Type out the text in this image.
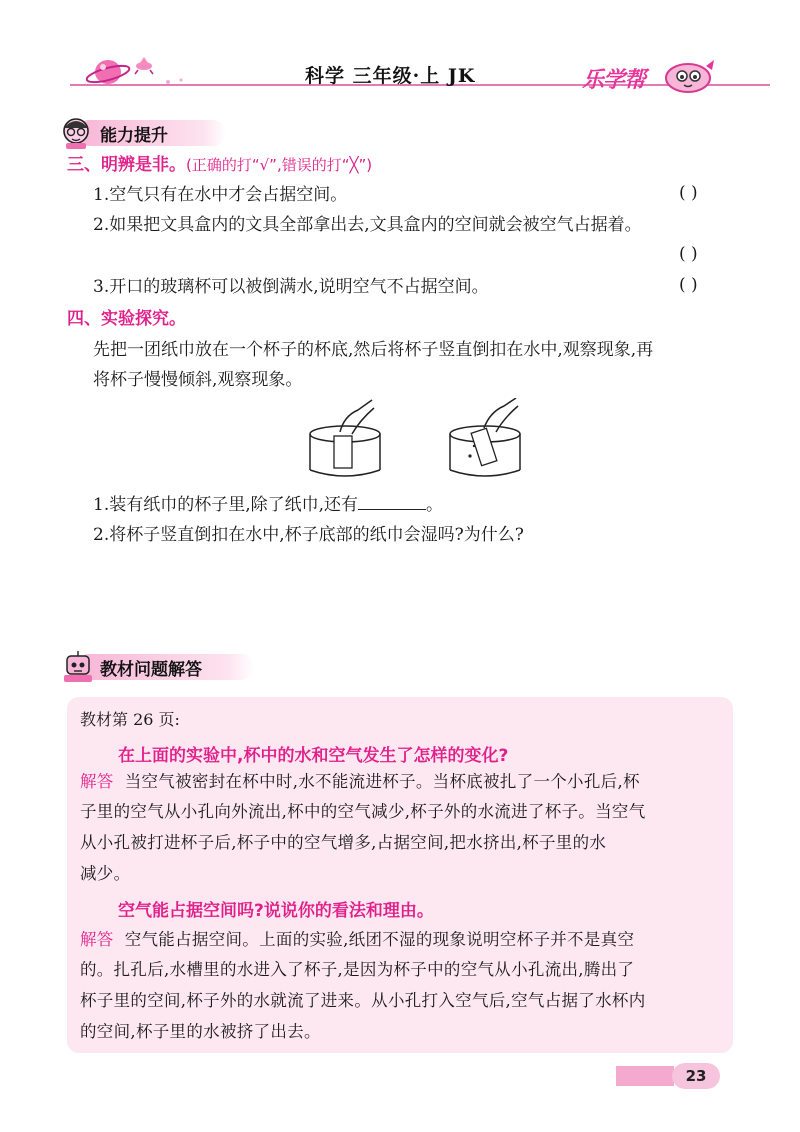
科学 三年级·上 JK	乐学帮
能力提升
三、明辨是非。(正确的打“√”,错误的打“╳”)
1.空气只有在水中才会占据空间。	( )
2.如果把文具盒内的文具全部拿出去,文具盒内的空间就会被空气占据着。
( )
3.开口的玻璃杯可以被倒满水,说明空气不占据空间。	( )
四、实验探究。
先把一团纸巾放在一个杯子的杯底,然后将杯子竖直倒扣在水中,观察现象,再
将杯子慢慢倾斜,观察现象。
1.装有纸巾的杯子里,除了纸巾,还有	。
2.将杯子竖直倒扣在水中,杯子底部的纸巾会湿吗?为什么?
教材问题解答
教材第 26 页:
在上面的实验中,杯中的水和空气发生了怎样的变化?
解答 当空气被密封在杯中时,水不能流进杯子。当杯底被扎了一个小孔后,杯
子里的空气从小孔向外流出,杯中的空气减少,杯子外的水流进了杯子。当空气
从小孔被打进杯子后,杯子中的空气增多,占据空间,把水挤出,杯子里的水
减少。
空气能占据空间吗?说说你的看法和理由。
解答 空气能占据空间。上面的实验,纸团不湿的现象说明空杯子并不是真空
的。扎孔后,水槽里的水进入了杯子,是因为杯子中的空气从小孔流出,腾出了
杯子里的空间,杯子外的水就流了进来。从小孔打入空气后,空气占据了水杯内
的空间,杯子里的水被挤了出去。
23
